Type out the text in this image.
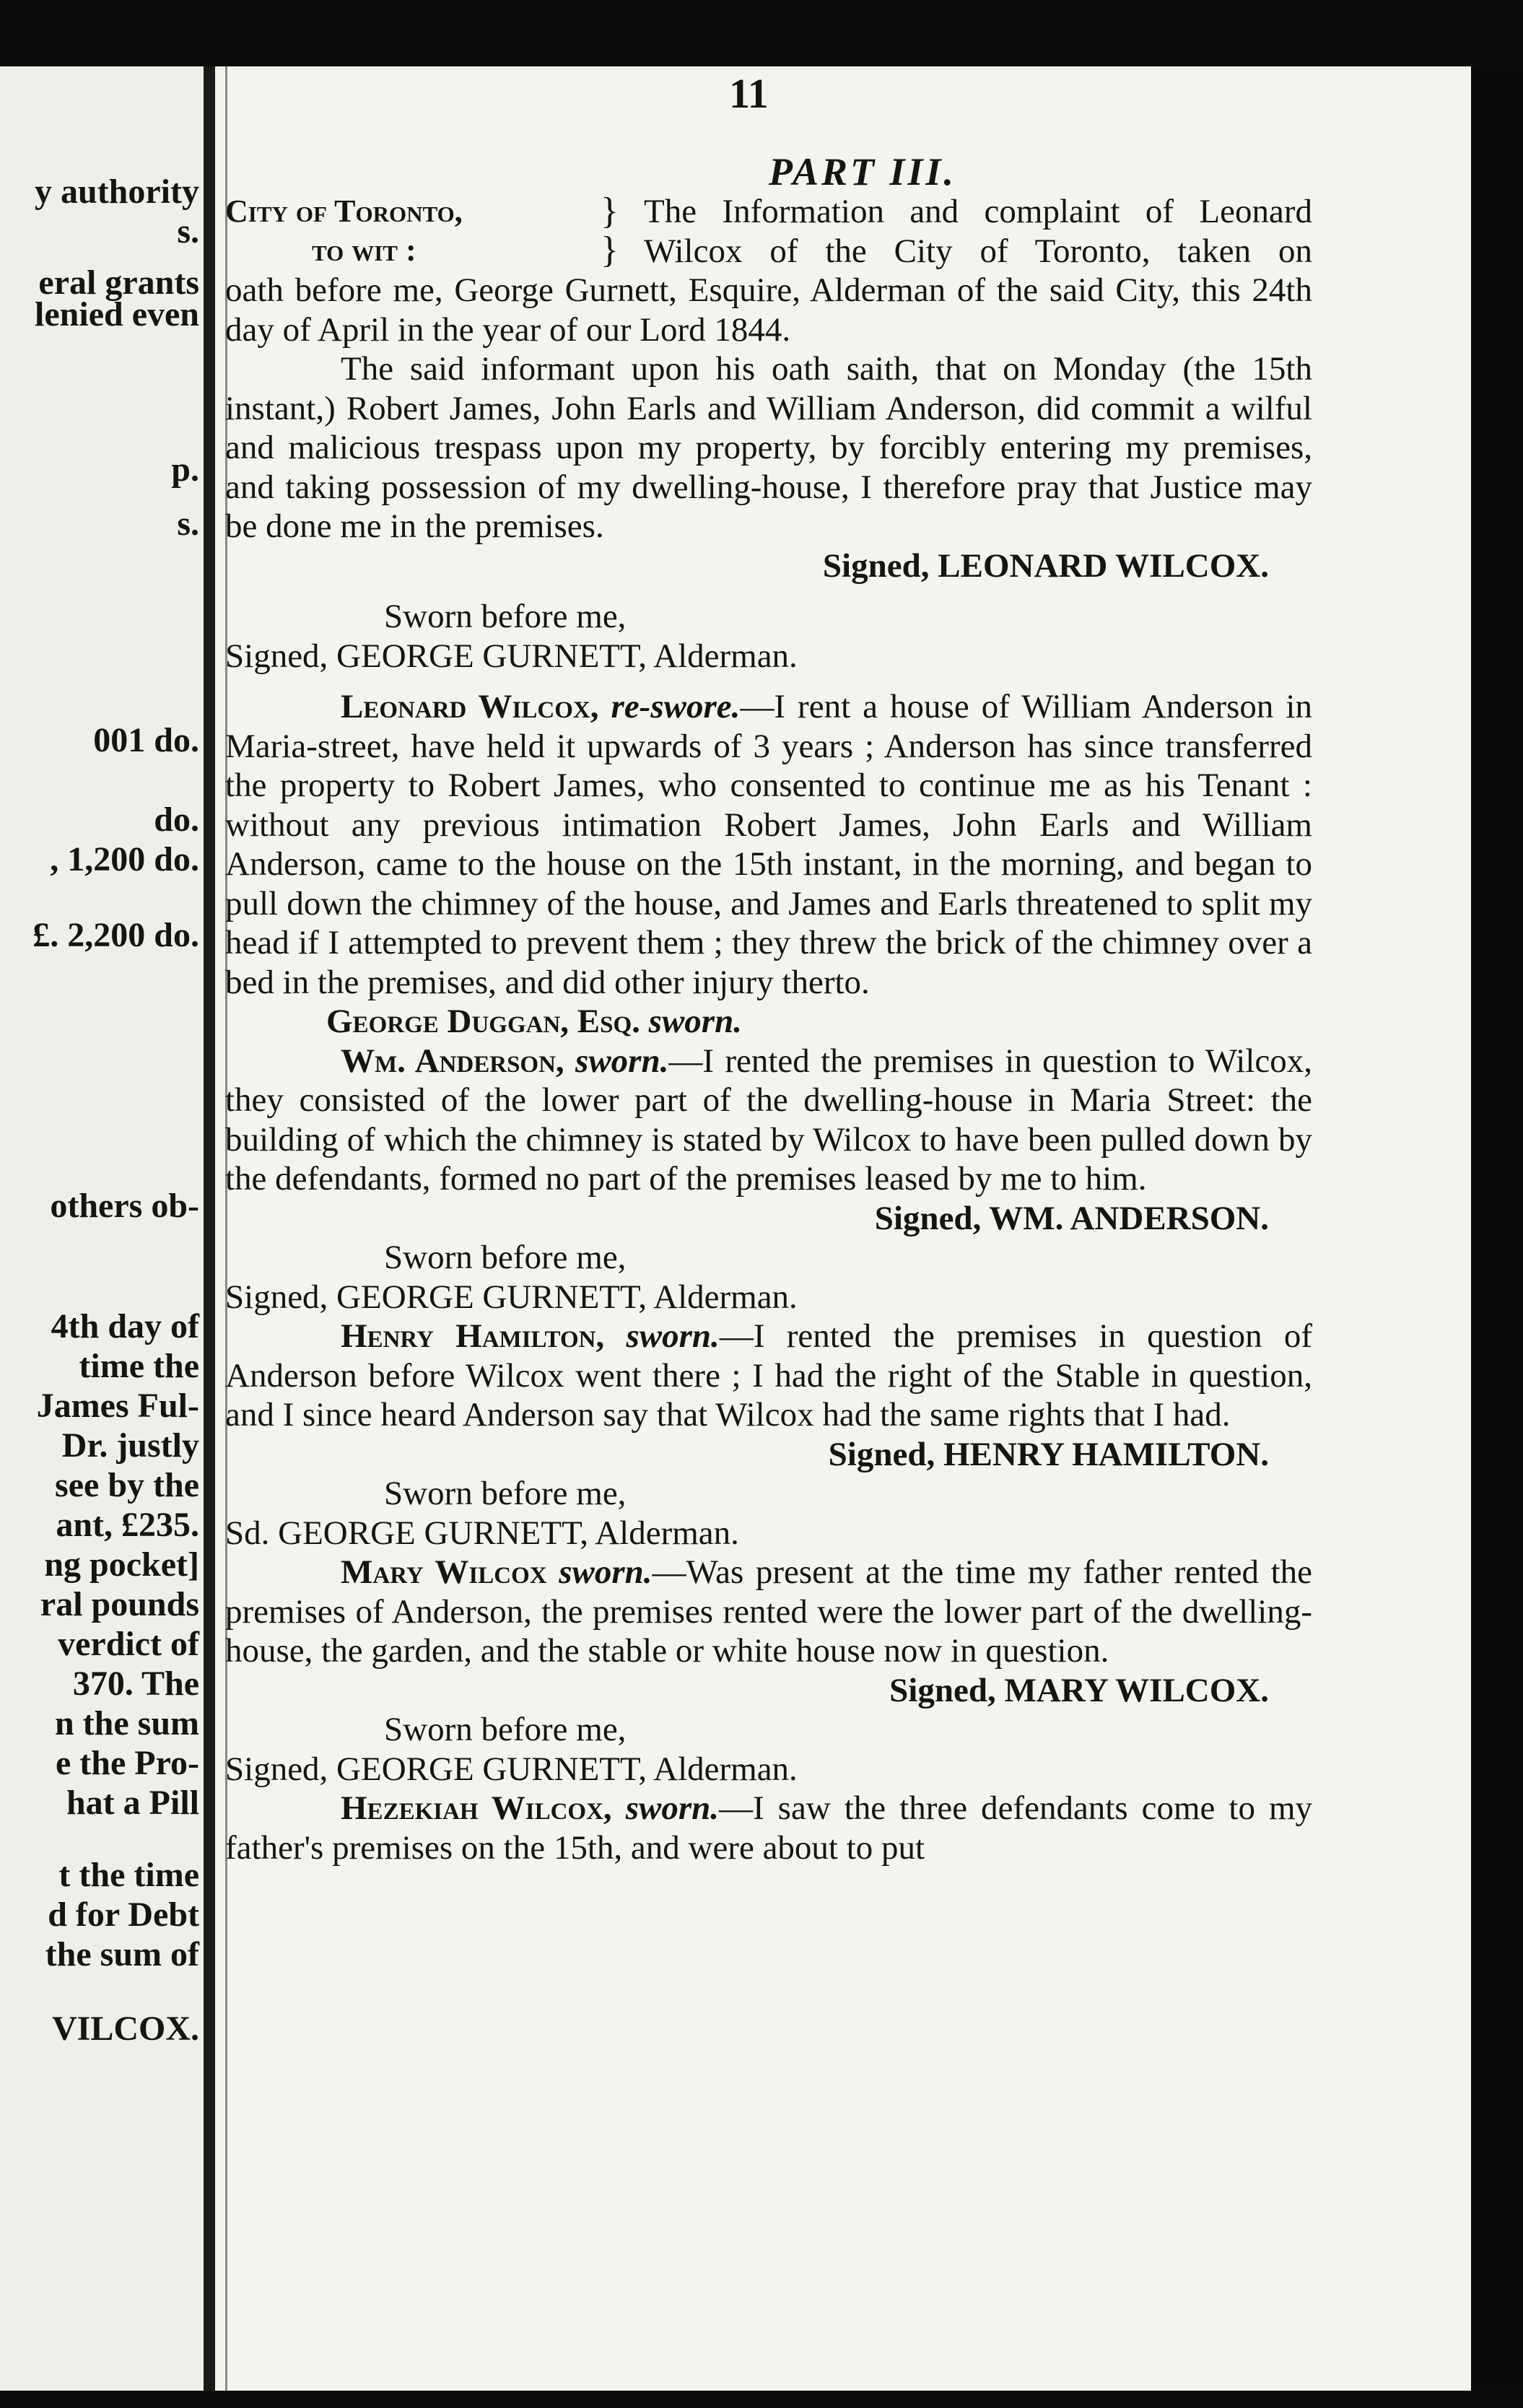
y authority
s.
eral grants
lenied even
p.
s.
001 do.
do.
, 1,200 do.
£. 2,200 do.
others ob-
4th day of
time the
James Ful-
Dr. justly
see by the
ant, £235.
ng pocket]
ral pounds
verdict of
370. The
n the sum
e the Pro-
hat a Pill
t the time
d for Debt
the sum of
VILCOX.
11
PART III.
City of Toronto,
to wit :
}
}
The Information and complaint of Leonard Wilcox of the City of Toronto, taken on

oath before me, George Gurnett, Esquire, Alderman of the said City, this 24th day of April in the year of our Lord 1844.

The said informant upon his oath saith, that on Monday (the 15th instant,) Robert James, John Earls and William Anderson, did commit a wilful and malicious trespass upon my property, by forcibly entering my premises, and taking possession of my dwelling-house, I therefore pray that Justice may be done me in the premises.

Signed, LEONARD WILCOX.
Sworn before me,
Signed, GEORGE GURNETT, Alderman.

Leonard Wilcox, re-swore.—I rent a house of William Anderson in Maria-street, have held it upwards of 3 years ; Anderson has since transferred the property to Robert James, who consented to continue me as his Tenant : without any previous intimation Robert James, John Earls and William Anderson, came to the house on the 15th instant, in the morning, and began to pull down the chimney of the house, and James and Earls threatened to split my head if I attempted to prevent them ; they threw the brick of the chimney over a bed in the premises, and did other injury therto.

George Duggan, Esq. sworn.

Wm. Anderson, sworn.—I rented the premises in question to Wilcox, they consisted of the lower part of the dwelling-house in Maria Street: the building of which the chimney is stated by Wilcox to have been pulled down by the defendants, formed no part of the premises leased by me to him.

Signed, WM. ANDERSON.
Sworn before me,
Signed, GEORGE GURNETT, Alderman.

Henry Hamilton, sworn.—I rented the premises in question of Anderson before Wilcox went there ; I had the right of the Stable in question, and I since heard Anderson say that Wilcox had the same rights that I had.

Signed, HENRY HAMILTON.
Sworn before me,
Sd. GEORGE GURNETT, Alderman.

Mary Wilcox sworn.—Was present at the time my father rented the premises of Anderson, the premises rented were the lower part of the dwelling-house, the garden, and the stable or white house now in question.

Signed, MARY WILCOX.
Sworn before me,
Signed, GEORGE GURNETT, Alderman.

Hezekiah Wilcox, sworn.—I saw the three defendants come to my father's premises on the 15th, and were about to put
